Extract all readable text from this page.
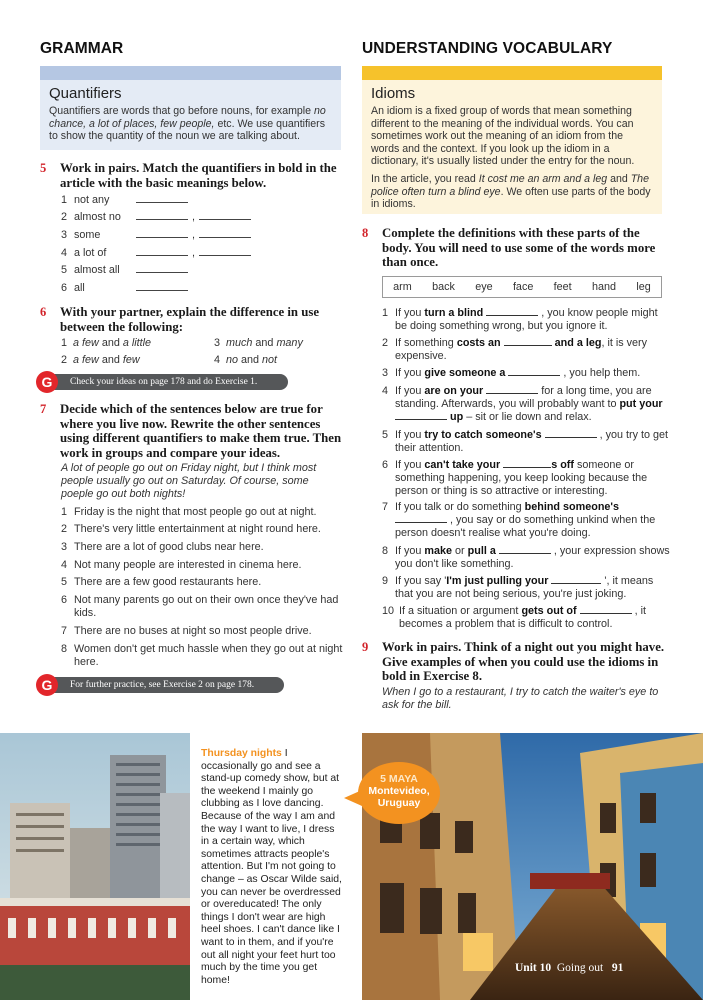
GRAMMAR
Quantifiers
Quantifiers are words that go before nouns, for example no chance, a lot of places, few people, etc. We use quantifiers to show the quantity of the noun we are talking about.
5	Work in pairs. Match the quantifiers in bold in the article with the basic meanings below.
1 not any
2 almost no	,
3 some	,
4 a lot of	,
5 almost all
6 all
6	With your partner, explain the difference in use between the following:
1 a few and a little
2 a few and few
3 much and many
4 no and not
Check your ideas on page 178 and do Exercise 1.
G
7	Decide which of the sentences below are true for where you live now. Rewrite the other sentences using different quantifiers to make them true. Then work in groups and compare your ideas.
A lot of people go out on Friday night, but I think most people usually go out on Saturday. Of course, some poeple go out both nights!
1 Friday is the night that most people go out at night.
2 There's very little entertainment at night round here.
3 There are a lot of good clubs near here.
4 Not many people are interested in cinema here.
5 There are a few good restaurants here.
6 Not many parents go out on their own once they've had kids.
7 There are no buses at night so most people drive.
8 Women don't get much hassle when they go out at night here.
For further practice, see Exercise 2 on page 178.
G
UNDERSTANDING VOCABULARY
Idioms
An idiom is a fixed group of words that mean something different to the meaning of the individual words. You can sometimes work out the meaning of an idiom from the words and the context. If you look up the idiom in a dictionary, it's usually listed under the entry for the noun.
In the article, you read It cost me an arm and a leg and The police often turn a blind eye. We often use parts of the body in idioms.
8	Complete the definitions with these parts of the body. You will need to use some of the words more than once.
arm back eye face feet hand leg
1 If you turn a blind	, you know people might be doing something wrong, but you ignore it.
2 If something costs an	and a leg, it is very expensive.
3 If you give someone a	, you help them.
4 If you are on your	for a long time, you are standing. Afterwards, you will probably want to put your  up – sit or lie down and relax.
5 If you try to catch someone's	, you try to get their attention.
6 If you can't take your	s off someone or something happening, you keep looking because the person or thing is so attractive or interesting.
7 If you talk or do something behind someone's  , you say or do something unkind when the person doesn't realise what you're doing.
8 If you make or pull a	, your expression shows you don't like something.
9 If you say 'I'm just pulling your	', it means that you are not being serious, you're just joking.
10 If a situation or argument gets out of	, it becomes a problem that is difficult to control.
9	Work in pairs. Think of a night out you might have. Give examples of when you could use the idioms in bold in Exercise 8.
When I go to a restaurant, I try to catch the waiter's eye to ask for the bill.
Thursday nights I occasionally go and see a stand-up comedy show, but at the weekend I mainly go clubbing as I love dancing. Because of the way I am and the way I want to live, I dress in a certain way, which sometimes attracts people's attention. But I'm not going to change – as Oscar Wilde said, you can never be overdressed or overeducated! The only things I don't wear are high heel shoes. I can't dance like I want to in them, and if you're out all night your feet hurt too much by the time you get home!
5 MAYA
Montevideo,
Uruguay
Unit 10 Going out 91
